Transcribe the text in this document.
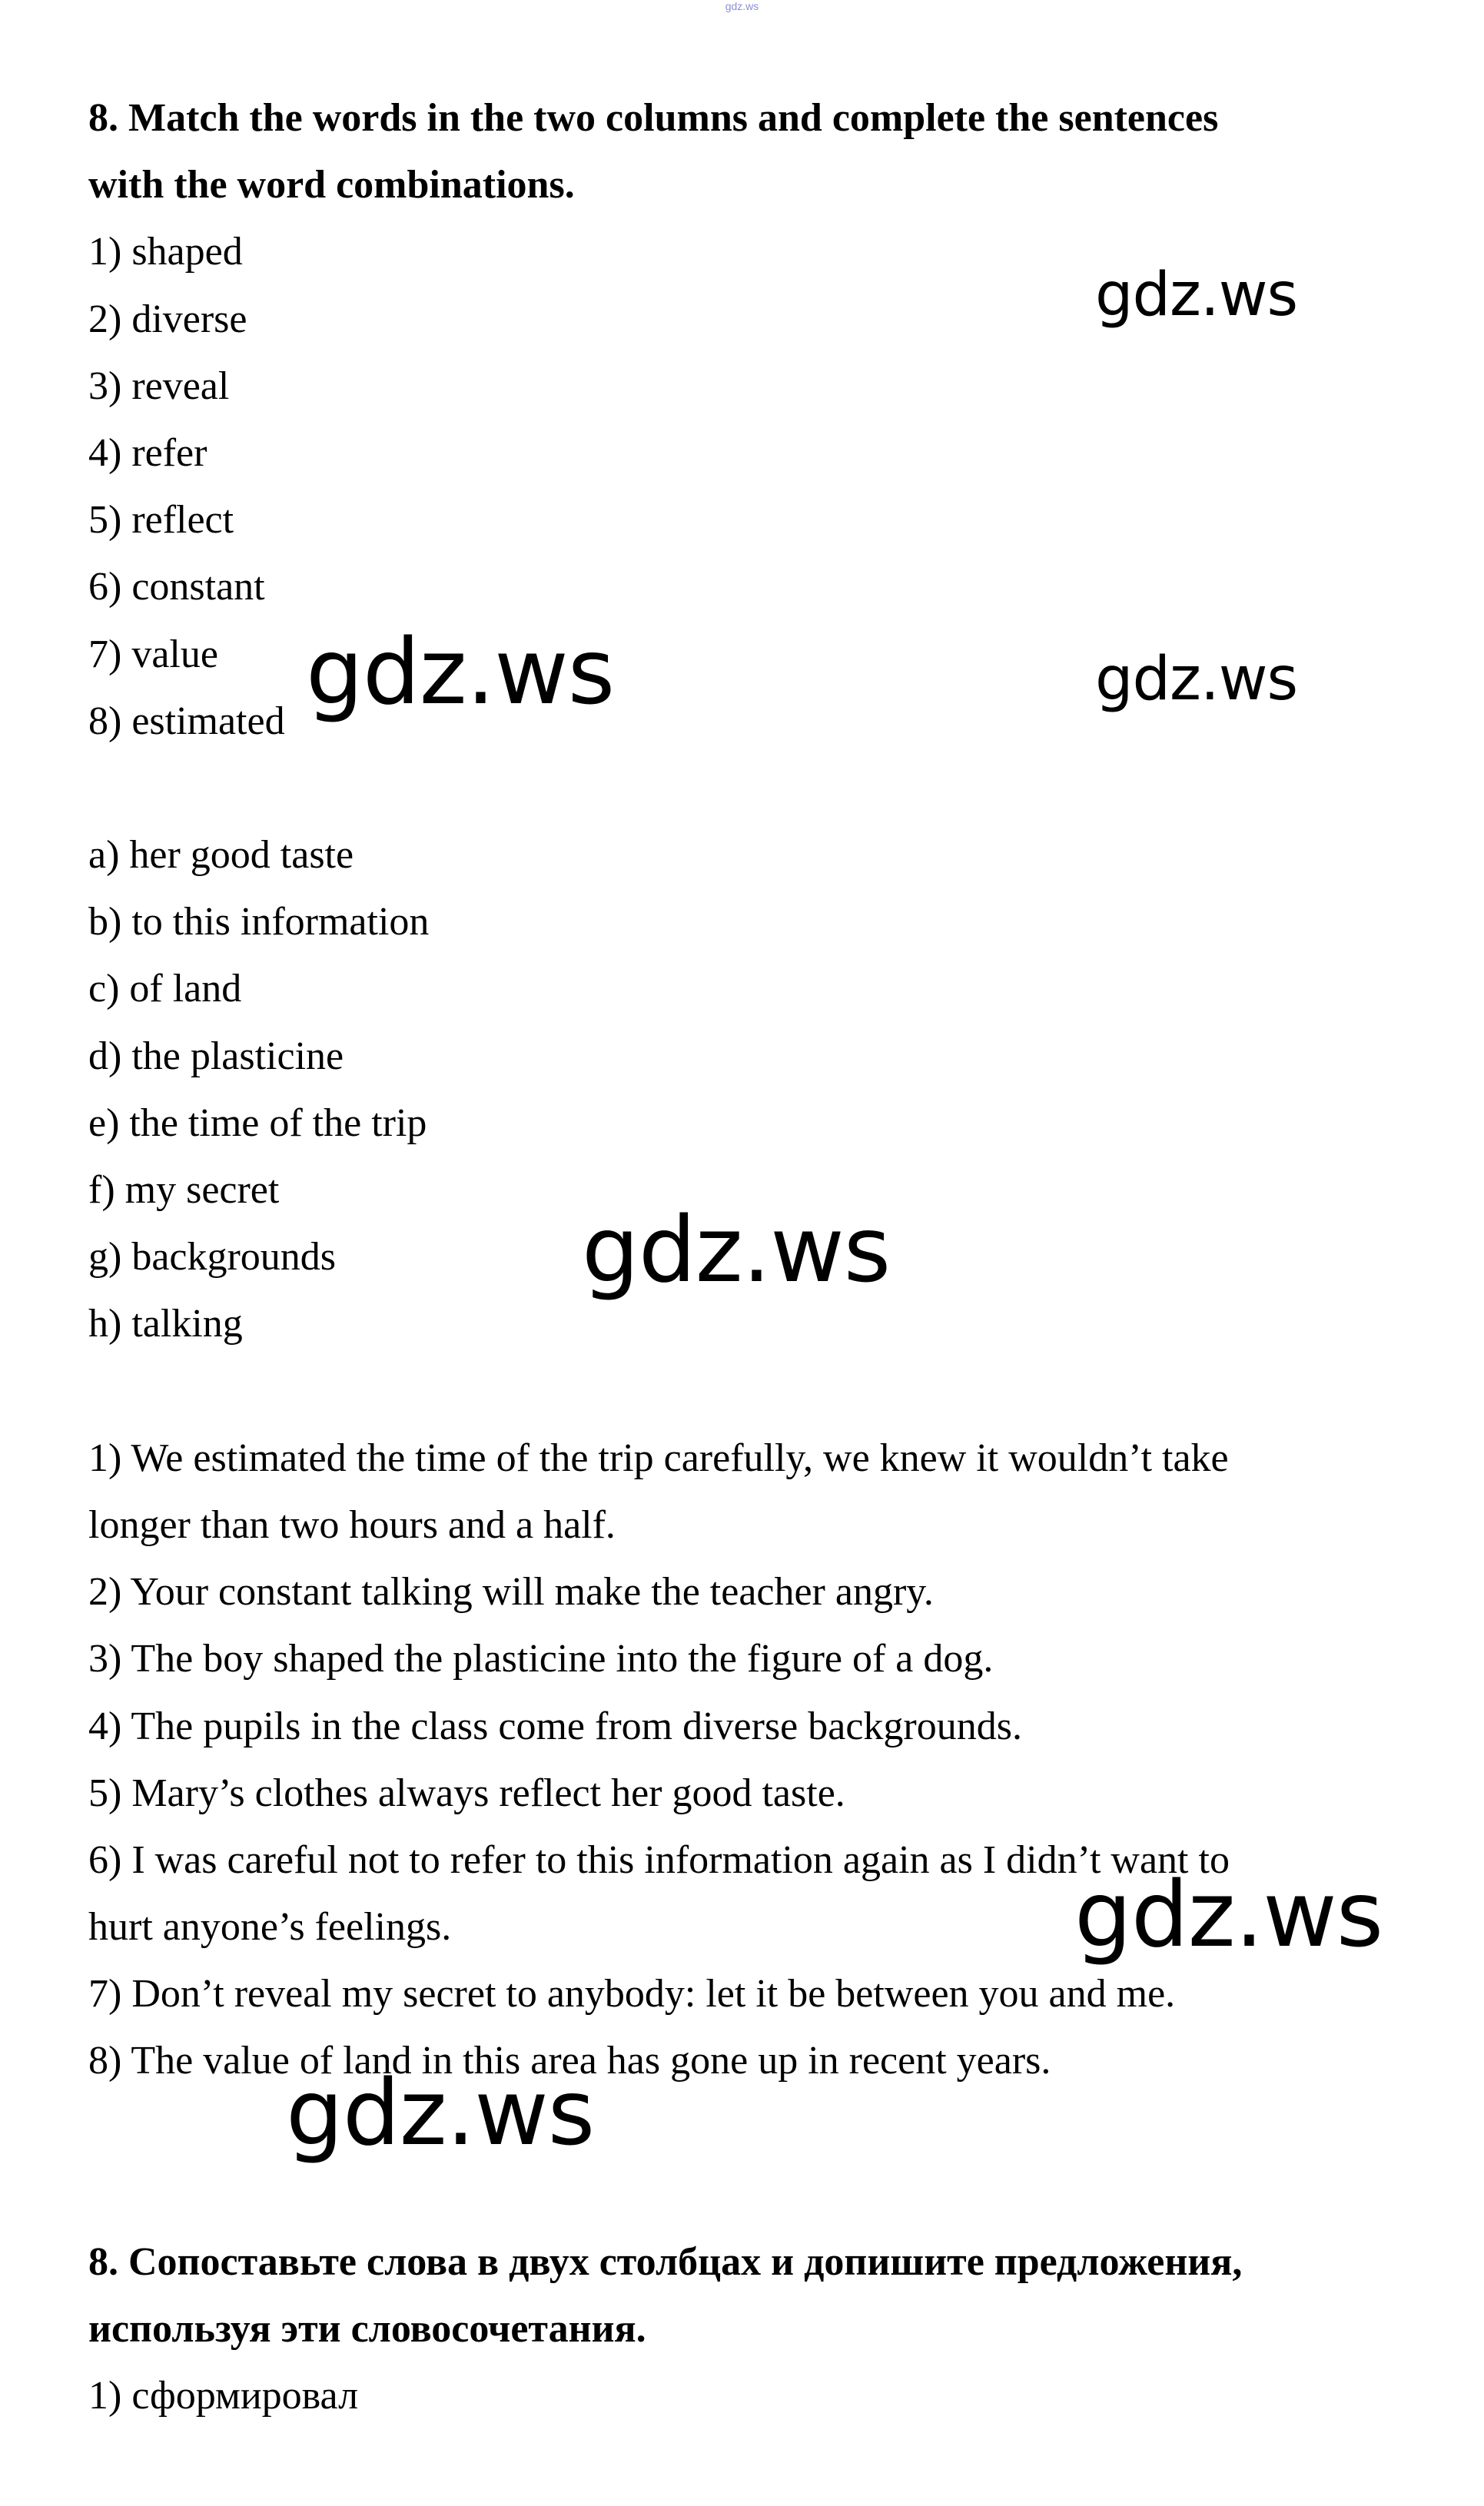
gdz.ws
8. Match the words in the two columns and complete the sentences
with the word combinations.
1) shaped
2) diverse
3) reveal
4) refer
5) reflect
6) constant
7) value
8) estimated
a) her good taste
b) to this information
c) of land
d) the plasticine
e) the time of the trip
f) my secret
g) backgrounds
h) talking
1) We estimated the time of the trip carefully, we knew it wouldn’t take
longer than two hours and a half.
2) Your constant talking will make the teacher angry.
3) The boy shaped the plasticine into the figure of a dog.
4) The pupils in the class come from diverse backgrounds.
5) Mary’s clothes always reflect her good taste.
6) I was careful not to refer to this information again as I didn’t want to
hurt anyone’s feelings.
7) Don’t reveal my secret to anybody: let it be between you and me.
8) The value of land in this area has gone up in recent years.
8. Сопоставьте слова в двух столбцах и допишите предложения,
используя эти словосочетания.
1) сформировал
gdz.ws
gdz.ws	gdz.ws
gdz.ws
gdz.ws
gdz.ws
